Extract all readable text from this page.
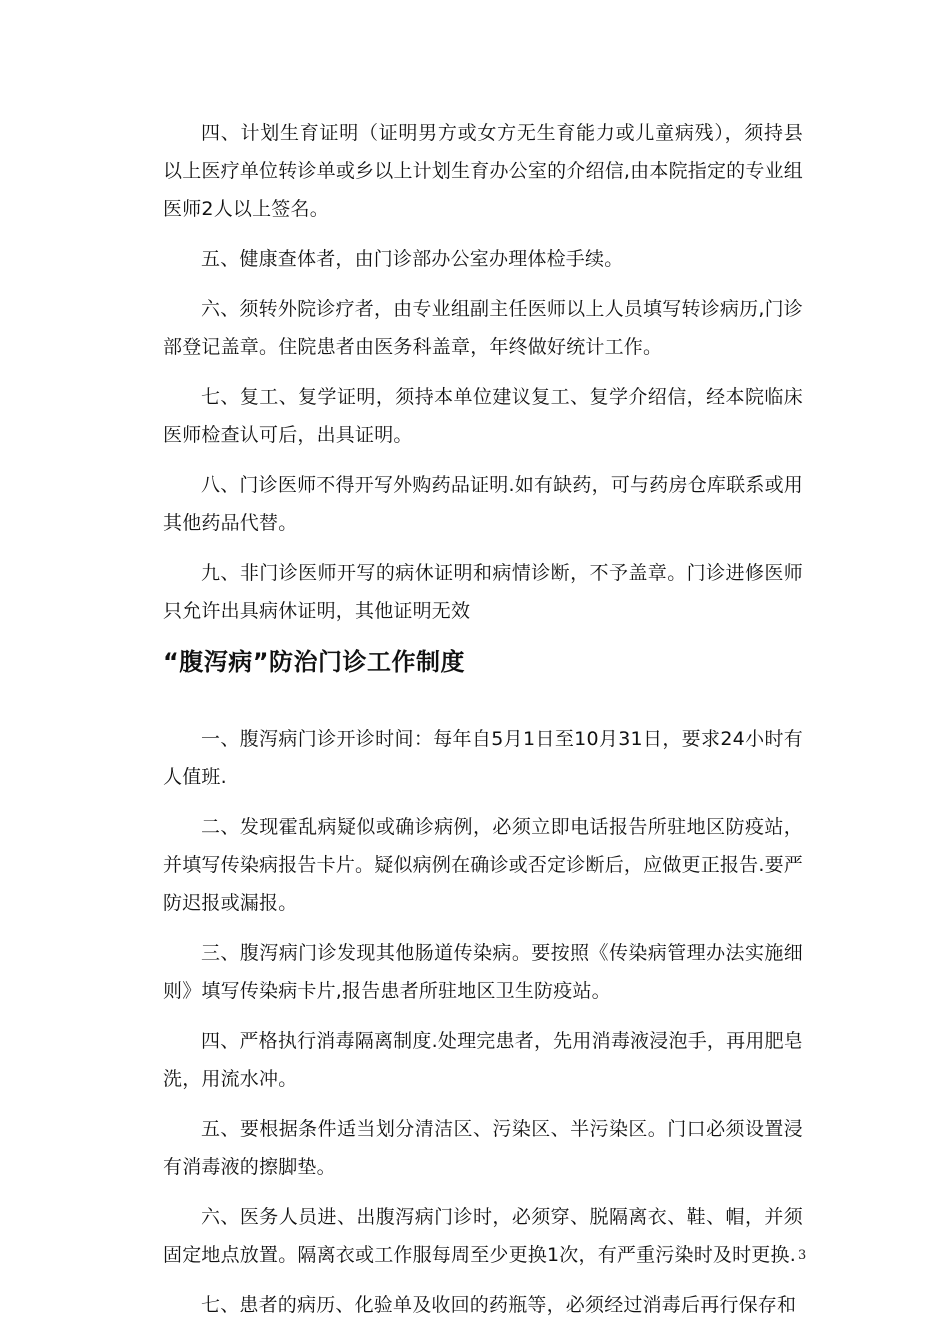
四、计划生育证明（证明男方或女方无生育能力或儿童病残），须持县以上医疗单位转诊单或乡以上计划生育办公室的介绍信,由本院指定的专业组医师2人以上签名。

五、健康查体者，由门诊部办公室办理体检手续。

六、须转外院诊疗者，由专业组副主任医师以上人员填写转诊病历,门诊部登记盖章。住院患者由医务科盖章，年终做好统计工作。

七、复工、复学证明，须持本单位建议复工、复学介绍信，经本院临床医师检查认可后，出具证明。

八、门诊医师不得开写外购药品证明.如有缺药，可与药房仓库联系或用其他药品代替。

九、非门诊医师开写的病休证明和病情诊断，不予盖章。门诊进修医师只允许出具病休证明，其他证明无效

“腹泻病”防治门诊工作制度

一、腹泻病门诊开诊时间：每年自5月1日至10月31日，要求24小时有人值班.

二、发现霍乱病疑似或确诊病例，必须立即电话报告所驻地区防疫站，并填写传染病报告卡片。疑似病例在确诊或否定诊断后，应做更正报告.要严防迟报或漏报。

三、腹泻病门诊发现其他肠道传染病。要按照《传染病管理办法实施细则》填写传染病卡片,报告患者所驻地区卫生防疫站。

四、严格执行消毒隔离制度.处理完患者，先用消毒液浸泡手，再用肥皂洗，用流水冲。

五、要根据条件适当划分清洁区、污染区、半污染区。门口必须设置浸有消毒液的擦脚垫。

六、医务人员进、出腹泻病门诊时，必须穿、脱隔离衣、鞋、帽，并须固定地点放置。隔离衣或工作服每周至少更换1次，有严重污染时及时更换.

七、患者的病历、化验单及收回的药瓶等，必须经过消毒后再行保存和

3
